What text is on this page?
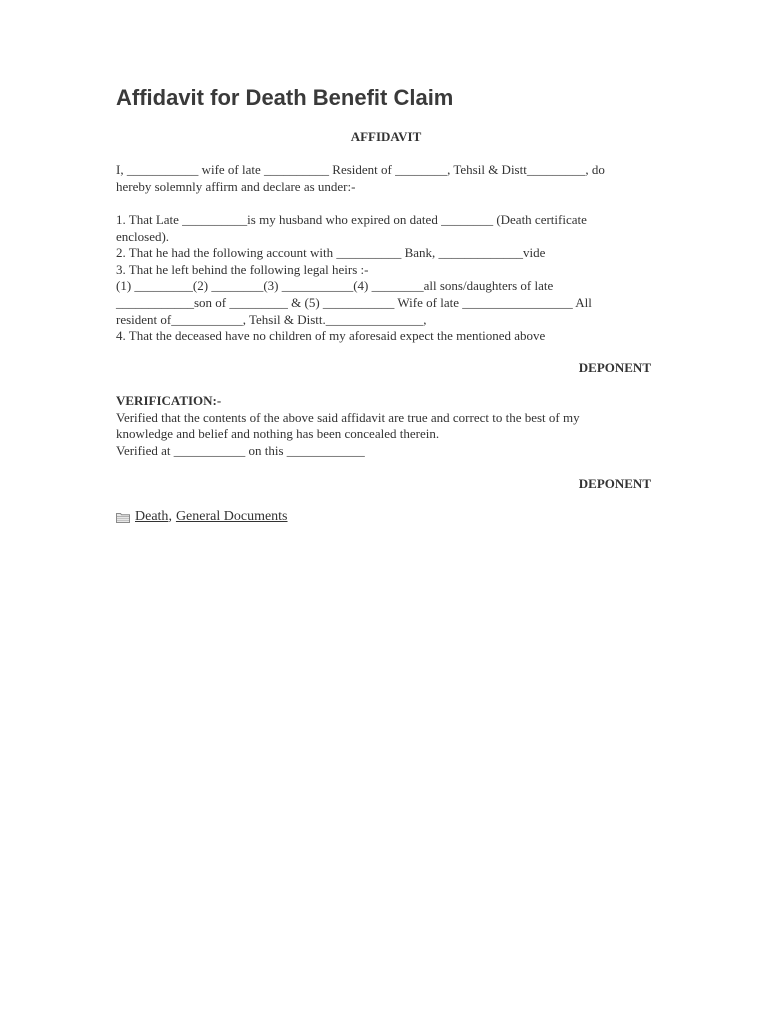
Affidavit for Death Benefit Claim
AFFIDAVIT
I, ___________ wife of late __________ Resident of ________, Tehsil & Distt_________, do
hereby solemnly affirm and declare as under:-
1. That Late __________is my husband who expired on dated ________ (Death certificate
enclosed).
2. That he had the following account with __________ Bank, _____________vide
3. That he left behind the following legal heirs :-
(1) _________(2) ________(3) ___________(4) ________all sons/daughters of late
____________son of _________ & (5) ___________ Wife of late _________________ All
resident of___________, Tehsil & Distt._______________,
4. That the deceased have no children of my aforesaid expect the mentioned above
DEPONENT
VERIFICATION:-
Verified that the contents of the above said affidavit are true and correct to the best of my
knowledge and belief and nothing has been concealed therein.
Verified at ___________ on this ____________
DEPONENT
Death , General Documents
